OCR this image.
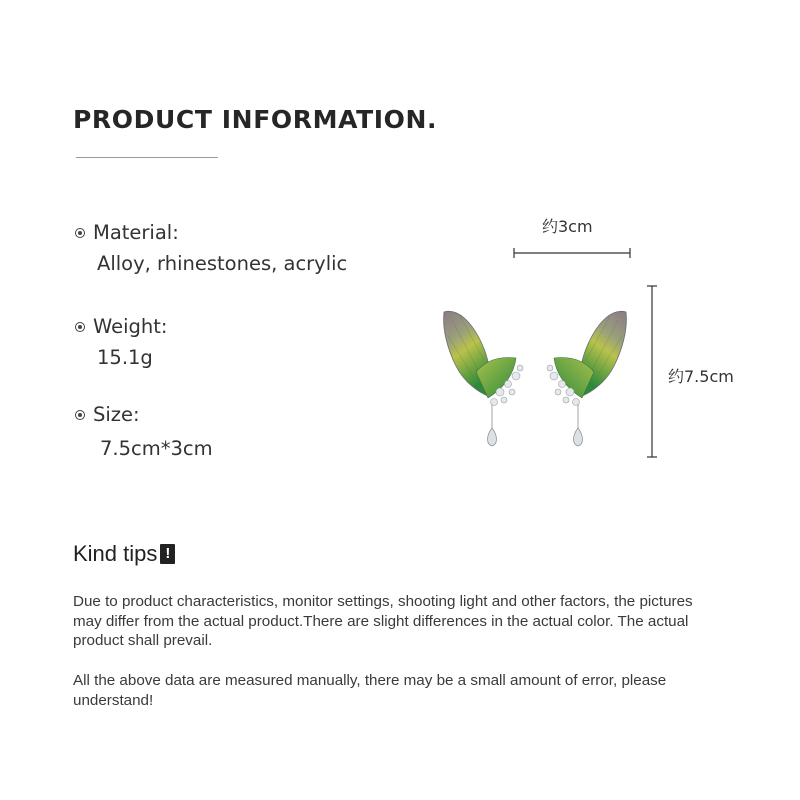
PRODUCT INFORMATION.
Material:
Alloy, rhinestones, acrylic
Weight:
15.1g
Size:
7.5cm*3cm
约3cm
约7.5cm
Kind tips !

Due to product characteristics, monitor settings, shooting light and other factors, the pictures may differ from the actual product.There are slight differences in the actual color. The actual product shall prevail.

All the above data are measured manually, there may be a small amount of error, please understand!
